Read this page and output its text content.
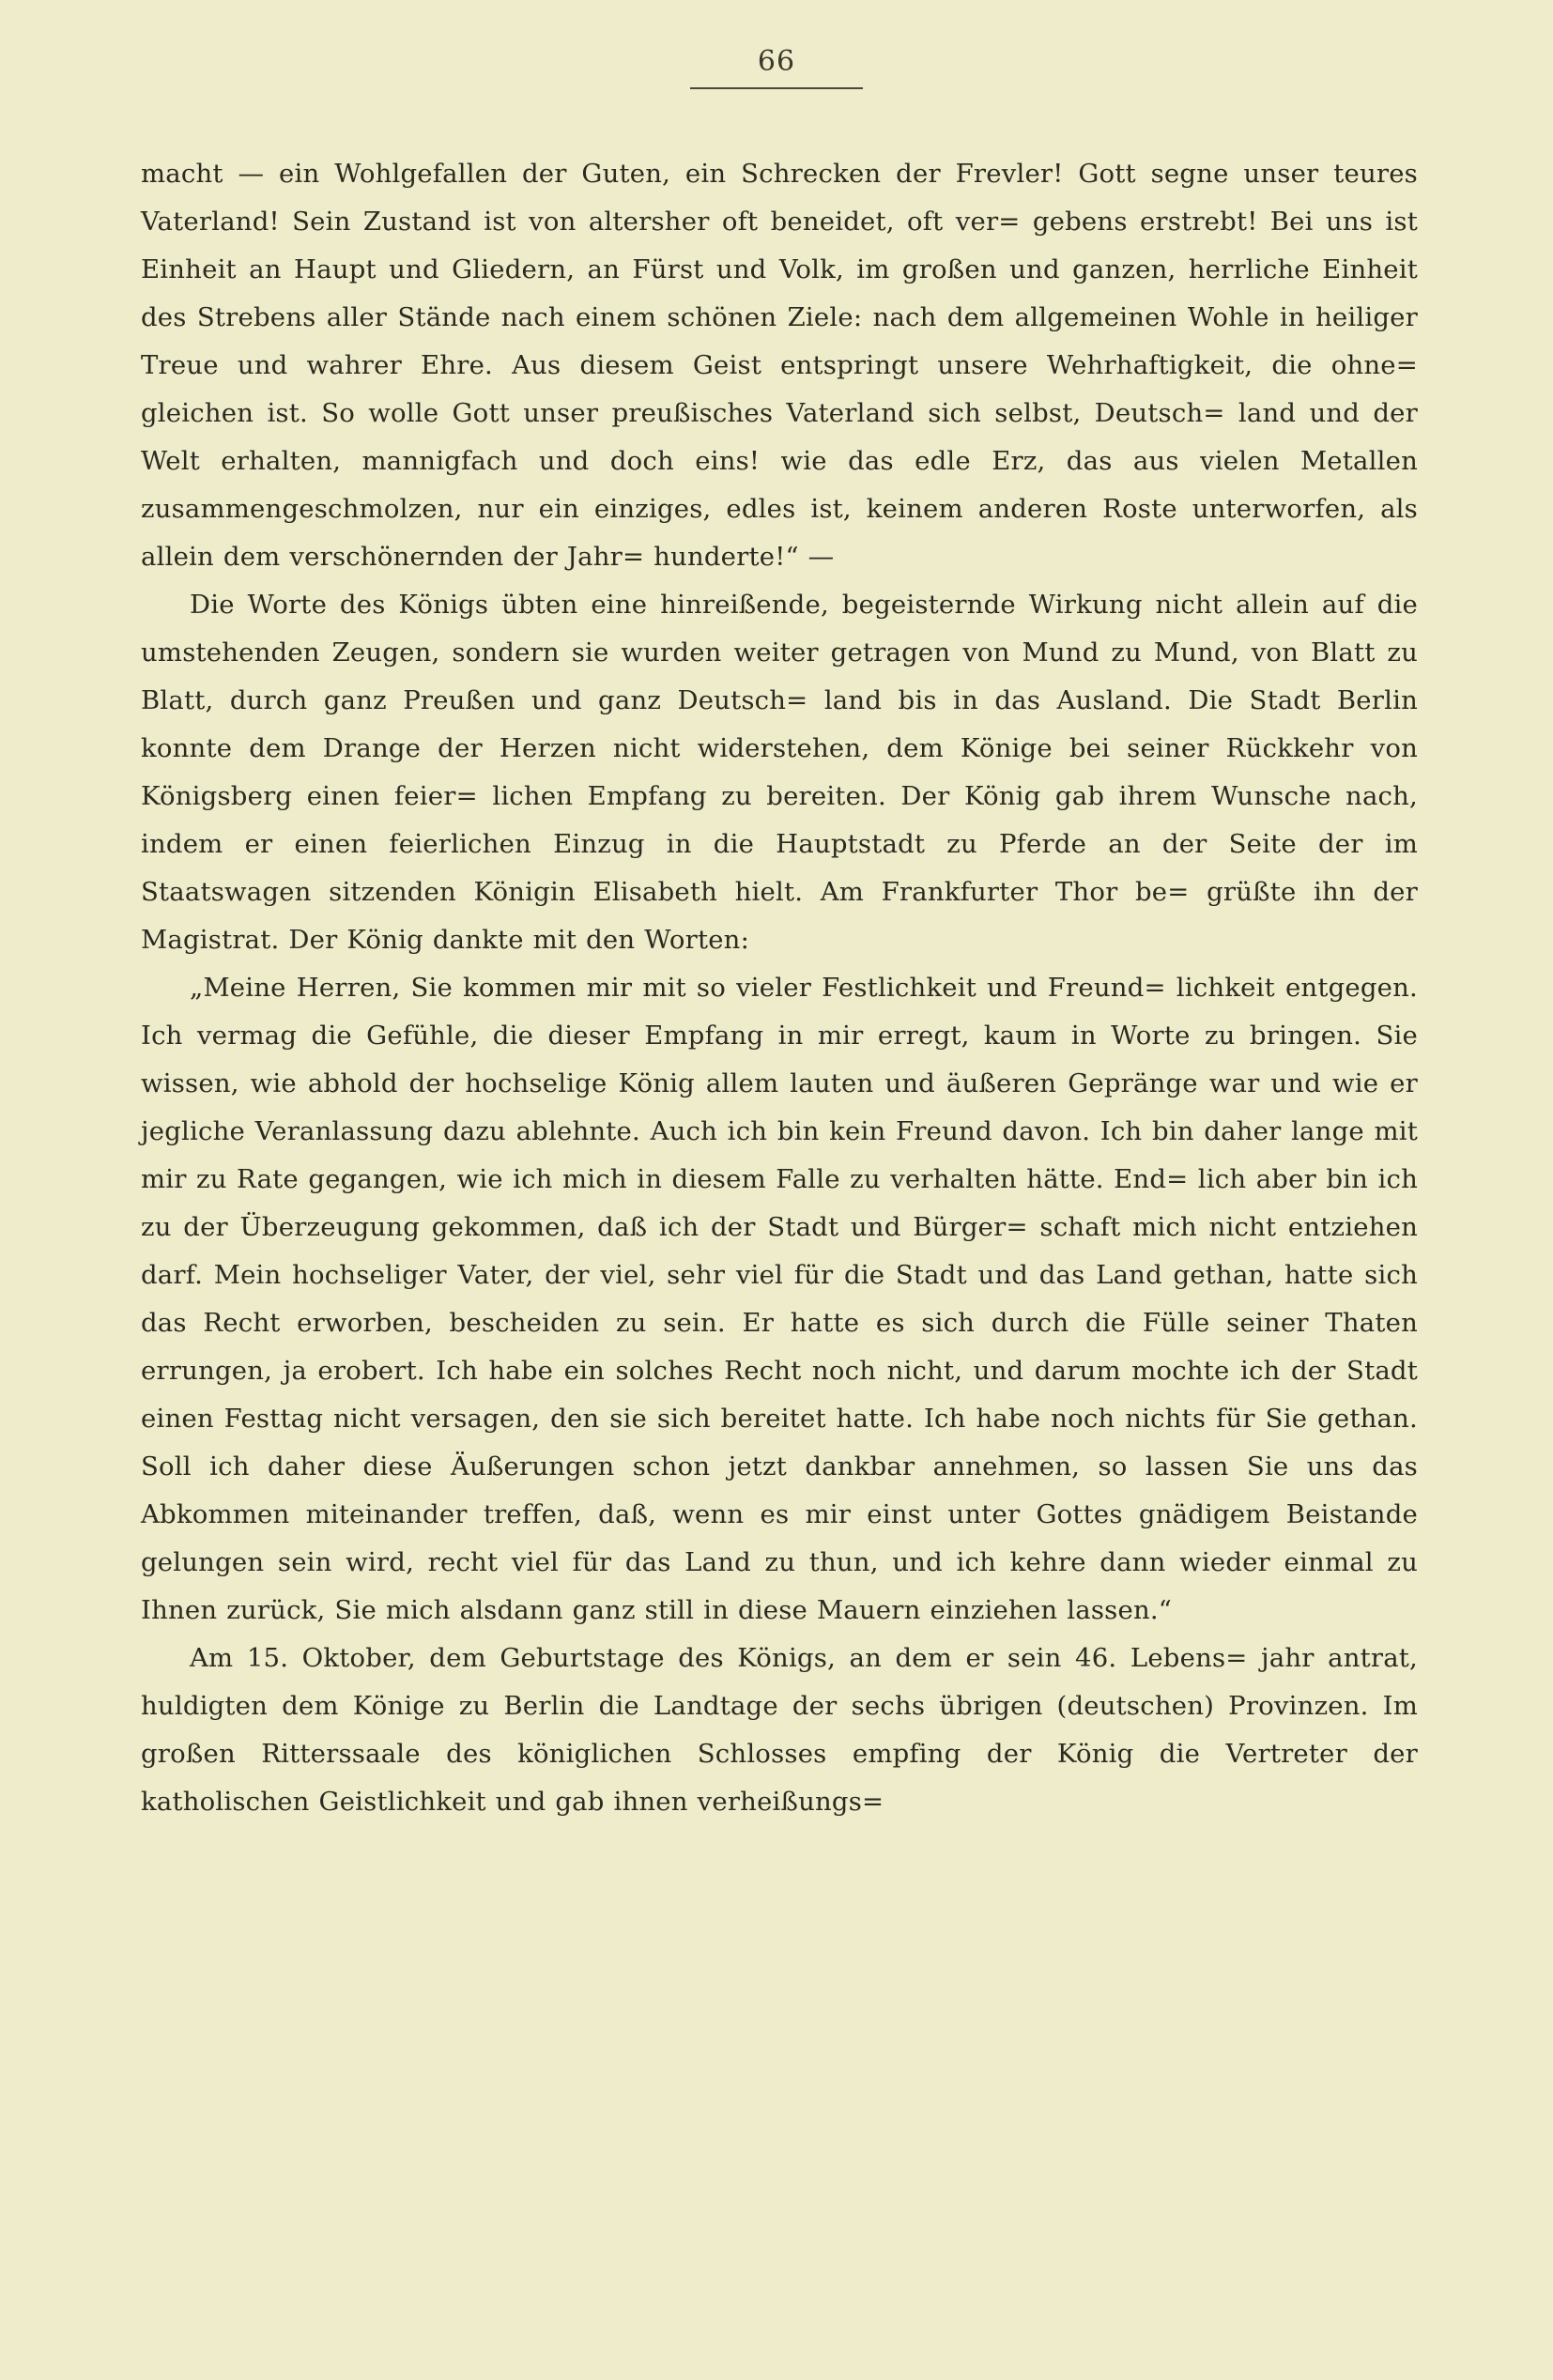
66

macht — ein Wohlgefallen der Guten, ein Schrecken der Frevler! Gott segne unser teures Vaterland! Sein Zustand ist von altersher oft beneidet, oft ver= gebens erstrebt! Bei uns ist Einheit an Haupt und Gliedern, an Fürst und Volk, im großen und ganzen, herrliche Einheit des Strebens aller Stände nach einem schönen Ziele: nach dem allgemeinen Wohle in heiliger Treue und wahrer Ehre. Aus diesem Geist entspringt unsere Wehrhaftigkeit, die ohne= gleichen ist. So wolle Gott unser preußisches Vaterland sich selbst, Deutsch= land und der Welt erhalten, mannigfach und doch eins! wie das edle Erz, das aus vielen Metallen zusammengeschmolzen, nur ein einziges, edles ist, keinem anderen Roste unterworfen, als allein dem verschönernden der Jahr= hunderte!“ —

Die Worte des Königs übten eine hinreißende, begeisternde Wirkung nicht allein auf die umstehenden Zeugen, sondern sie wurden weiter getragen von Mund zu Mund, von Blatt zu Blatt, durch ganz Preußen und ganz Deutsch= land bis in das Ausland. Die Stadt Berlin konnte dem Drange der Herzen nicht widerstehen, dem Könige bei seiner Rückkehr von Königsberg einen feier= lichen Empfang zu bereiten. Der König gab ihrem Wunsche nach, indem er einen feierlichen Einzug in die Hauptstadt zu Pferde an der Seite der im Staatswagen sitzenden Königin Elisabeth hielt. Am Frankfurter Thor be= grüßte ihn der Magistrat. Der König dankte mit den Worten:

„Meine Herren, Sie kommen mir mit so vieler Festlichkeit und Freund= lichkeit entgegen. Ich vermag die Gefühle, die dieser Empfang in mir erregt, kaum in Worte zu bringen. Sie wissen, wie abhold der hochselige König allem lauten und äußeren Gepränge war und wie er jegliche Veranlassung dazu ablehnte. Auch ich bin kein Freund davon. Ich bin daher lange mit mir zu Rate gegangen, wie ich mich in diesem Falle zu verhalten hätte. End= lich aber bin ich zu der Überzeugung gekommen, daß ich der Stadt und Bürger= schaft mich nicht entziehen darf. Mein hochseliger Vater, der viel, sehr viel für die Stadt und das Land gethan, hatte sich das Recht erworben, bescheiden zu sein. Er hatte es sich durch die Fülle seiner Thaten errungen, ja erobert. Ich habe ein solches Recht noch nicht, und darum mochte ich der Stadt einen Festtag nicht versagen, den sie sich bereitet hatte. Ich habe noch nichts für Sie gethan. Soll ich daher diese Äußerungen schon jetzt dankbar annehmen, so lassen Sie uns das Abkommen miteinander treffen, daß, wenn es mir einst unter Gottes gnädigem Beistande gelungen sein wird, recht viel für das Land zu thun, und ich kehre dann wieder einmal zu Ihnen zurück, Sie mich alsdann ganz still in diese Mauern einziehen lassen.“

Am 15. Oktober, dem Geburtstage des Königs, an dem er sein 46. Lebens= jahr antrat, huldigten dem Könige zu Berlin die Landtage der sechs übrigen (deutschen) Provinzen. Im großen Ritterssaale des königlichen Schlosses empfing der König die Vertreter der katholischen Geistlichkeit und gab ihnen verheißungs=
